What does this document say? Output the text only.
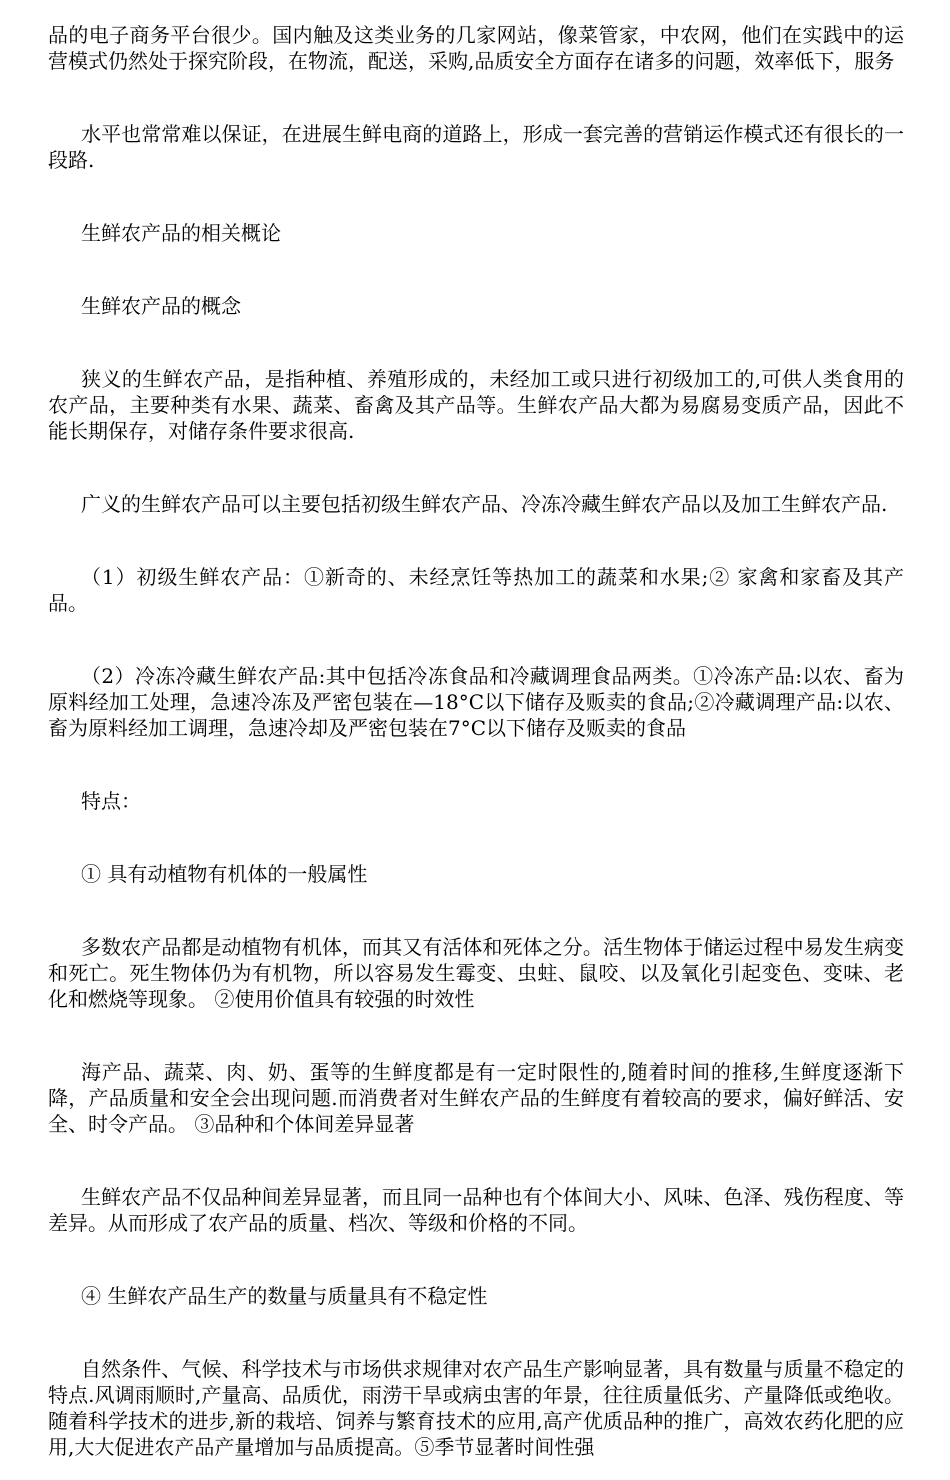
品的电子商务平台很少。国内触及这类业务的几家网站，像菜管家，中农网，他们在实践中的运营模式仍然处于探究阶段，在物流，配送，采购,品质安全方面存在诸多的问题，效率低下，服务

水平也常常难以保证，在进展生鲜电商的道路上，形成一套完善的营销运作模式还有很长的一段路.

生鲜农产品的相关概论

生鲜农产品的概念

狭义的生鲜农产品，是指种植、养殖形成的，未经加工或只进行初级加工的,可供人类食用的农产品，主要种类有水果、蔬菜、畜禽及其产品等。生鲜农产品大都为易腐易变质产品，因此不能长期保存，对储存条件要求很高.

广义的生鲜农产品可以主要包括初级生鲜农产品、冷冻冷藏生鲜农产品以及加工生鲜农产品.

（1）初级生鲜农产品：①新奇的、未经烹饪等热加工的蔬菜和水果;② 家禽和家畜及其产品。

（2）冷冻冷藏生鲜农产品:其中包括冷冻食品和冷藏调理食品两类。①冷冻产品:以农、畜为原料经加工处理，急速冷冻及严密包装在—18°C以下储存及贩卖的食品;②冷藏调理产品:以农、畜为原料经加工调理，急速冷却及严密包装在7°C以下储存及贩卖的食品

特点：

① 具有动植物有机体的一般属性

多数农产品都是动植物有机体，而其又有活体和死体之分。活生物体于储运过程中易发生病变和死亡。死生物体仍为有机物，所以容易发生霉变、虫蛀、鼠咬、以及氧化引起变色、变味、老化和燃烧等现象。 ②使用价值具有较强的时效性

海产品、蔬菜、肉、奶、蛋等的生鲜度都是有一定时限性的,随着时间的推移,生鲜度逐渐下降，产品质量和安全会出现问题.而消费者对生鲜农产品的生鲜度有着较高的要求，偏好鲜活、安全、时令产品。 ③品种和个体间差异显著

生鲜农产品不仅品种间差异显著，而且同一品种也有个体间大小、风味、色泽、残伤程度、等差异。从而形成了农产品的质量、档次、等级和价格的不同。

④ 生鲜农产品生产的数量与质量具有不稳定性

自然条件、气候、科学技术与市场供求规律对农产品生产影响显著，具有数量与质量不稳定的特点.风调雨顺时,产量高、品质优，雨涝干旱或病虫害的年景，往往质量低劣、产量降低或绝收。随着科学技术的进步,新的栽培、饲养与繁育技术的应用,高产优质品种的推广，高效农药化肥的应用,大大促进农产品产量增加与品质提高。⑤季节显著时间性强
